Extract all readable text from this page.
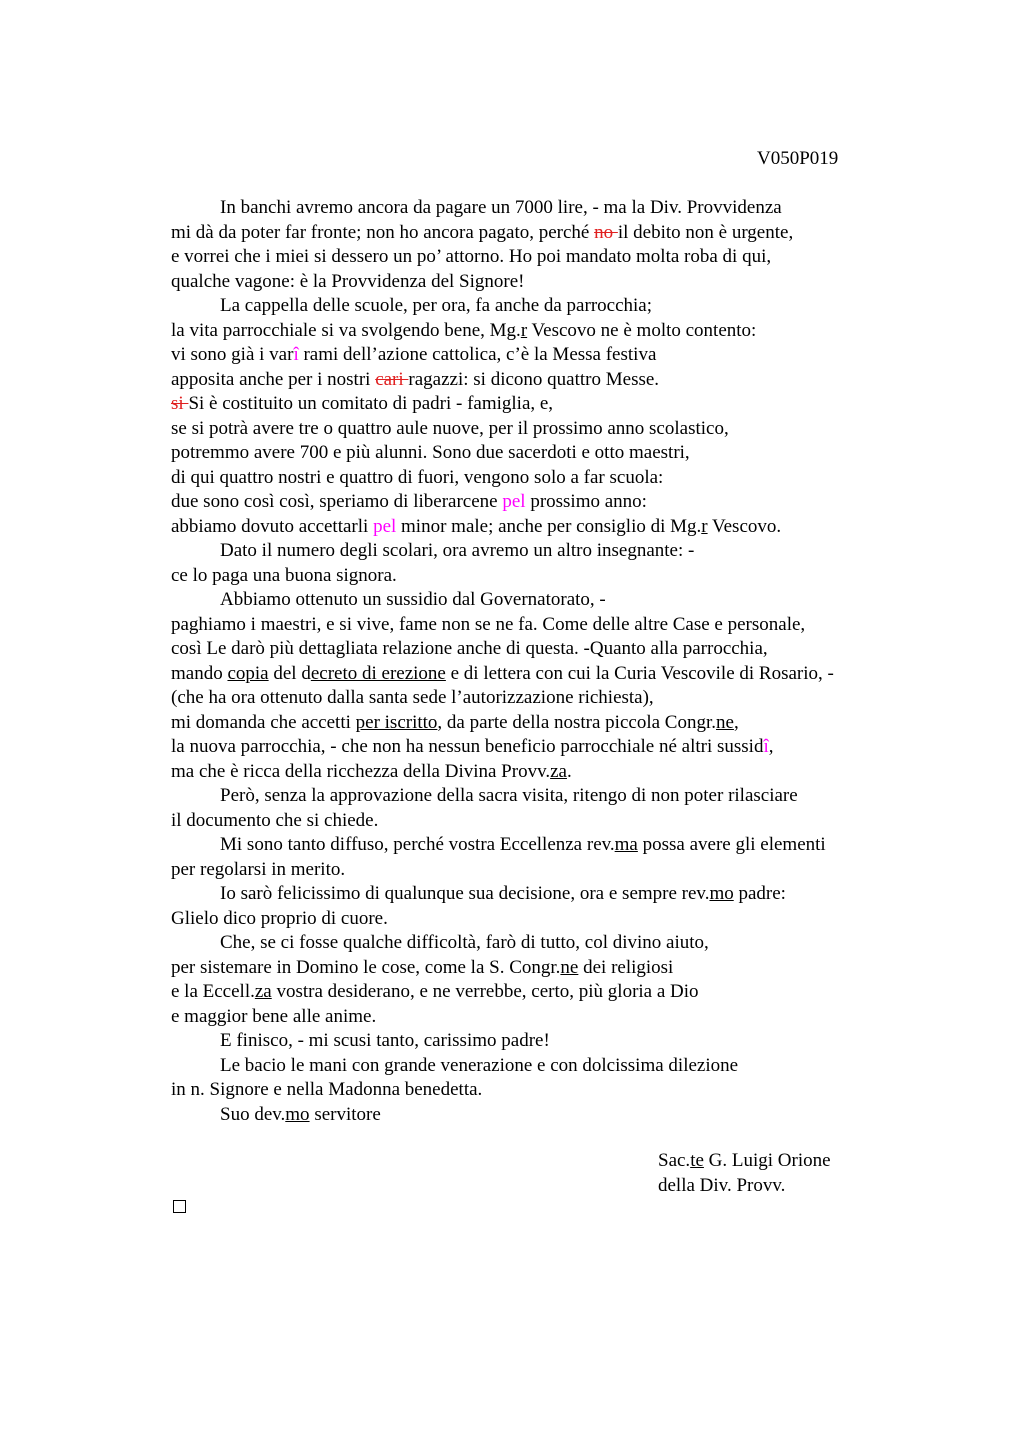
V050P019
In banchi avremo ancora da pagare un 7000 lire, - ma la Div. Provvidenza
mi dà da poter far fronte; non ho ancora pagato, perché no il debito non è urgente,
e vorrei che i miei si dessero un po’ attorno. Ho poi mandato molta roba di qui,
qualche vagone: è la Provvidenza del Signore!
La cappella delle scuole, per ora, fa anche da parrocchia;
la vita parrocchiale si va svolgendo bene, Mg.r Vescovo ne è molto contento:
vi sono già i varî rami dell’azione cattolica, c’è la Messa festiva
apposita anche per i nostri cari ragazzi: si dicono quattro Messe.
si Si è costituito un comitato di padri - famiglia, e,
se si potrà avere tre o quattro aule nuove, per il prossimo anno scolastico,
potremmo avere 700 e più alunni. Sono due sacerdoti e otto maestri,
di qui quattro nostri e quattro di fuori, vengono solo a far scuola:
due sono così così, speriamo di liberarcene pel prossimo anno:
abbiamo dovuto accettarli pel minor male; anche per consiglio di Mg.r Vescovo.
Dato il numero degli scolari, ora avremo un altro insegnante: -
ce lo paga una buona signora.
Abbiamo ottenuto un sussidio dal Governatorato, -
paghiamo i maestri, e si vive, fame non se ne fa. Come delle altre Case e personale,
così Le darò più dettagliata relazione anche di questa. -Quanto alla parrocchia,
mando copia del decreto di erezione e di lettera con cui la Curia Vescovile di Rosario, -
(che ha ora ottenuto dalla santa sede l’autorizzazione richiesta),
mi domanda che accetti per iscritto, da parte della nostra piccola Congr.ne,
la nuova parrocchia, - che non ha nessun beneficio parrocchiale né altri sussidî,
ma che è ricca della ricchezza della Divina Provv.za.
Però, senza la approvazione della sacra visita, ritengo di non poter rilasciare
il documento che si chiede.
Mi sono tanto diffuso, perché vostra Eccellenza rev.ma possa avere gli elementi
per regolarsi in merito.
Io sarò felicissimo di qualunque sua decisione, ora e sempre rev.mo padre:
Glielo dico proprio di cuore.
Che, se ci fosse qualche difficoltà, farò di tutto, col divino aiuto,
per sistemare in Domino le cose, come la S. Congr.ne dei religiosi
e la Eccell.za vostra desiderano, e ne verrebbe, certo, più gloria a Dio
e maggior bene alle anime.
E finisco, - mi scusi tanto, carissimo padre!
Le bacio le mani con grande venerazione e con dolcissima dilezione
in n. Signore e nella Madonna benedetta.
Suo dev.mo servitore
Sac.te G. Luigi Orione
della Div. Provv.
